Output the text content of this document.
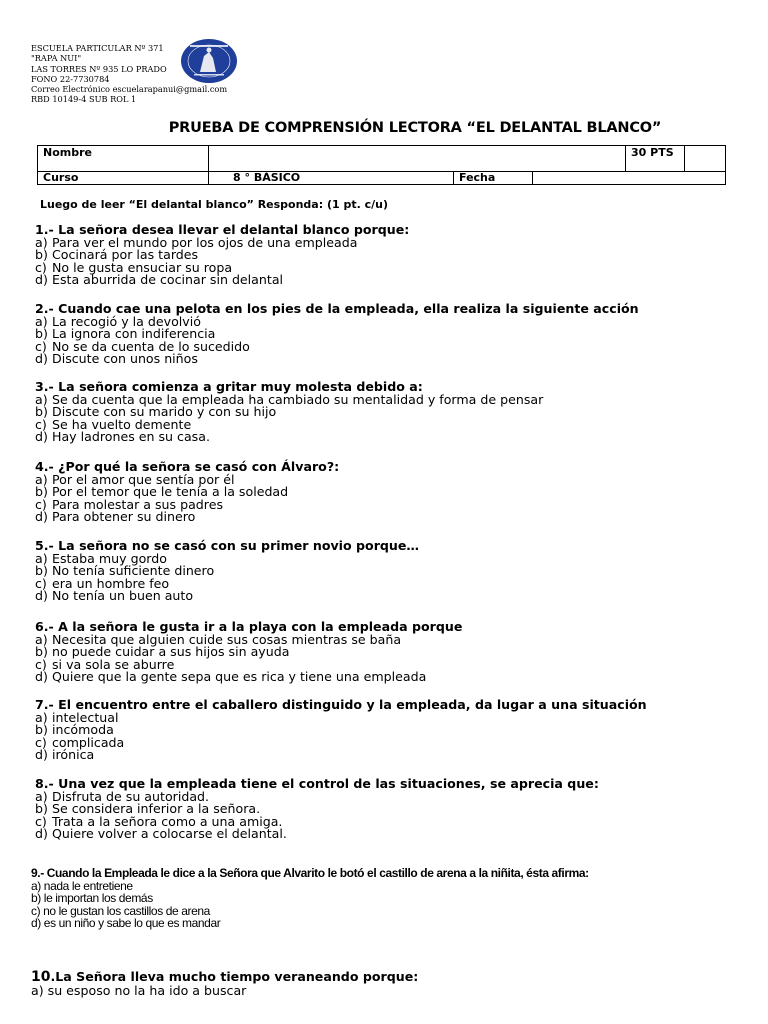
ESCUELA PARTICULAR Nº 371
"RAPA NUI"
LAS TORRES Nº 935 LO PRADO
FONO 22-7730784
Correo Electrónico escuelarapanui@gmail.com
RBD 10149-4 SUB ROL 1
PRUEBA DE COMPRENSIÓN LECTORA “EL DELANTAL BLANCO”
Nombre				30 PTS	
Curso	8 ° BÁSICO	Fecha			
Luego de leer “El delantal blanco” Responda: (1 pt. c/u)
1.- La señora desea llevar el delantal blanco porque:
a) Para ver el mundo por los ojos de una empleada
b) Cocinará por las tardes
c) No le gusta ensuciar su ropa
d) Esta aburrida de cocinar sin delantal
2.- Cuando cae una pelota en los pies de la empleada, ella realiza la siguiente acción
a) La recogió y la devolvió
b) La ignora con indiferencia
c) No se da cuenta de lo sucedido
d) Discute con unos niños
3.- La señora comienza a gritar muy molesta debido a:
a) Se da cuenta que la empleada ha cambiado su mentalidad y forma de pensar
b) Discute con su marido y con su hijo
c) Se ha vuelto demente
d) Hay ladrones en su casa.
4.- ¿Por qué la señora se casó con Álvaro?:
a) Por el amor que sentía por él
b) Por el temor que le tenía a la soledad
c) Para molestar a sus padres
d) Para obtener su dinero
5.- La señora no se casó con su primer novio porque…
a) Estaba muy gordo
b) No tenía suficiente dinero
c) era un hombre feo
d) No tenía un buen auto
6.- A la señora le gusta ir a la playa con la empleada porque
a) Necesita que alguien cuide sus cosas mientras se baña
b) no puede cuidar a sus hijos sin ayuda
c) si va sola se aburre
d) Quiere que la gente sepa que es rica y tiene una empleada
7.- El encuentro entre el caballero distinguido y la empleada, da lugar a una situación
a) intelectual
b) incómoda
c) complicada
d) irónica
8.- Una vez que la empleada tiene el control de las situaciones, se aprecia que:
a) Disfruta de su autoridad.
b) Se considera inferior a la señora.
c) Trata a la señora como a una amiga.
d) Quiere volver a colocarse el delantal.
9.- Cuando la Empleada le dice a la Señora que Alvarito le botó el castillo de arena a la niñita, ésta afirma:
a) nada le entretiene
b) le importan los demás
c) no le gustan los castillos de arena
d) es un niño y sabe lo que es mandar
10.La Señora lleva mucho tiempo veraneando porque:
a) su esposo no la ha ido a buscar
